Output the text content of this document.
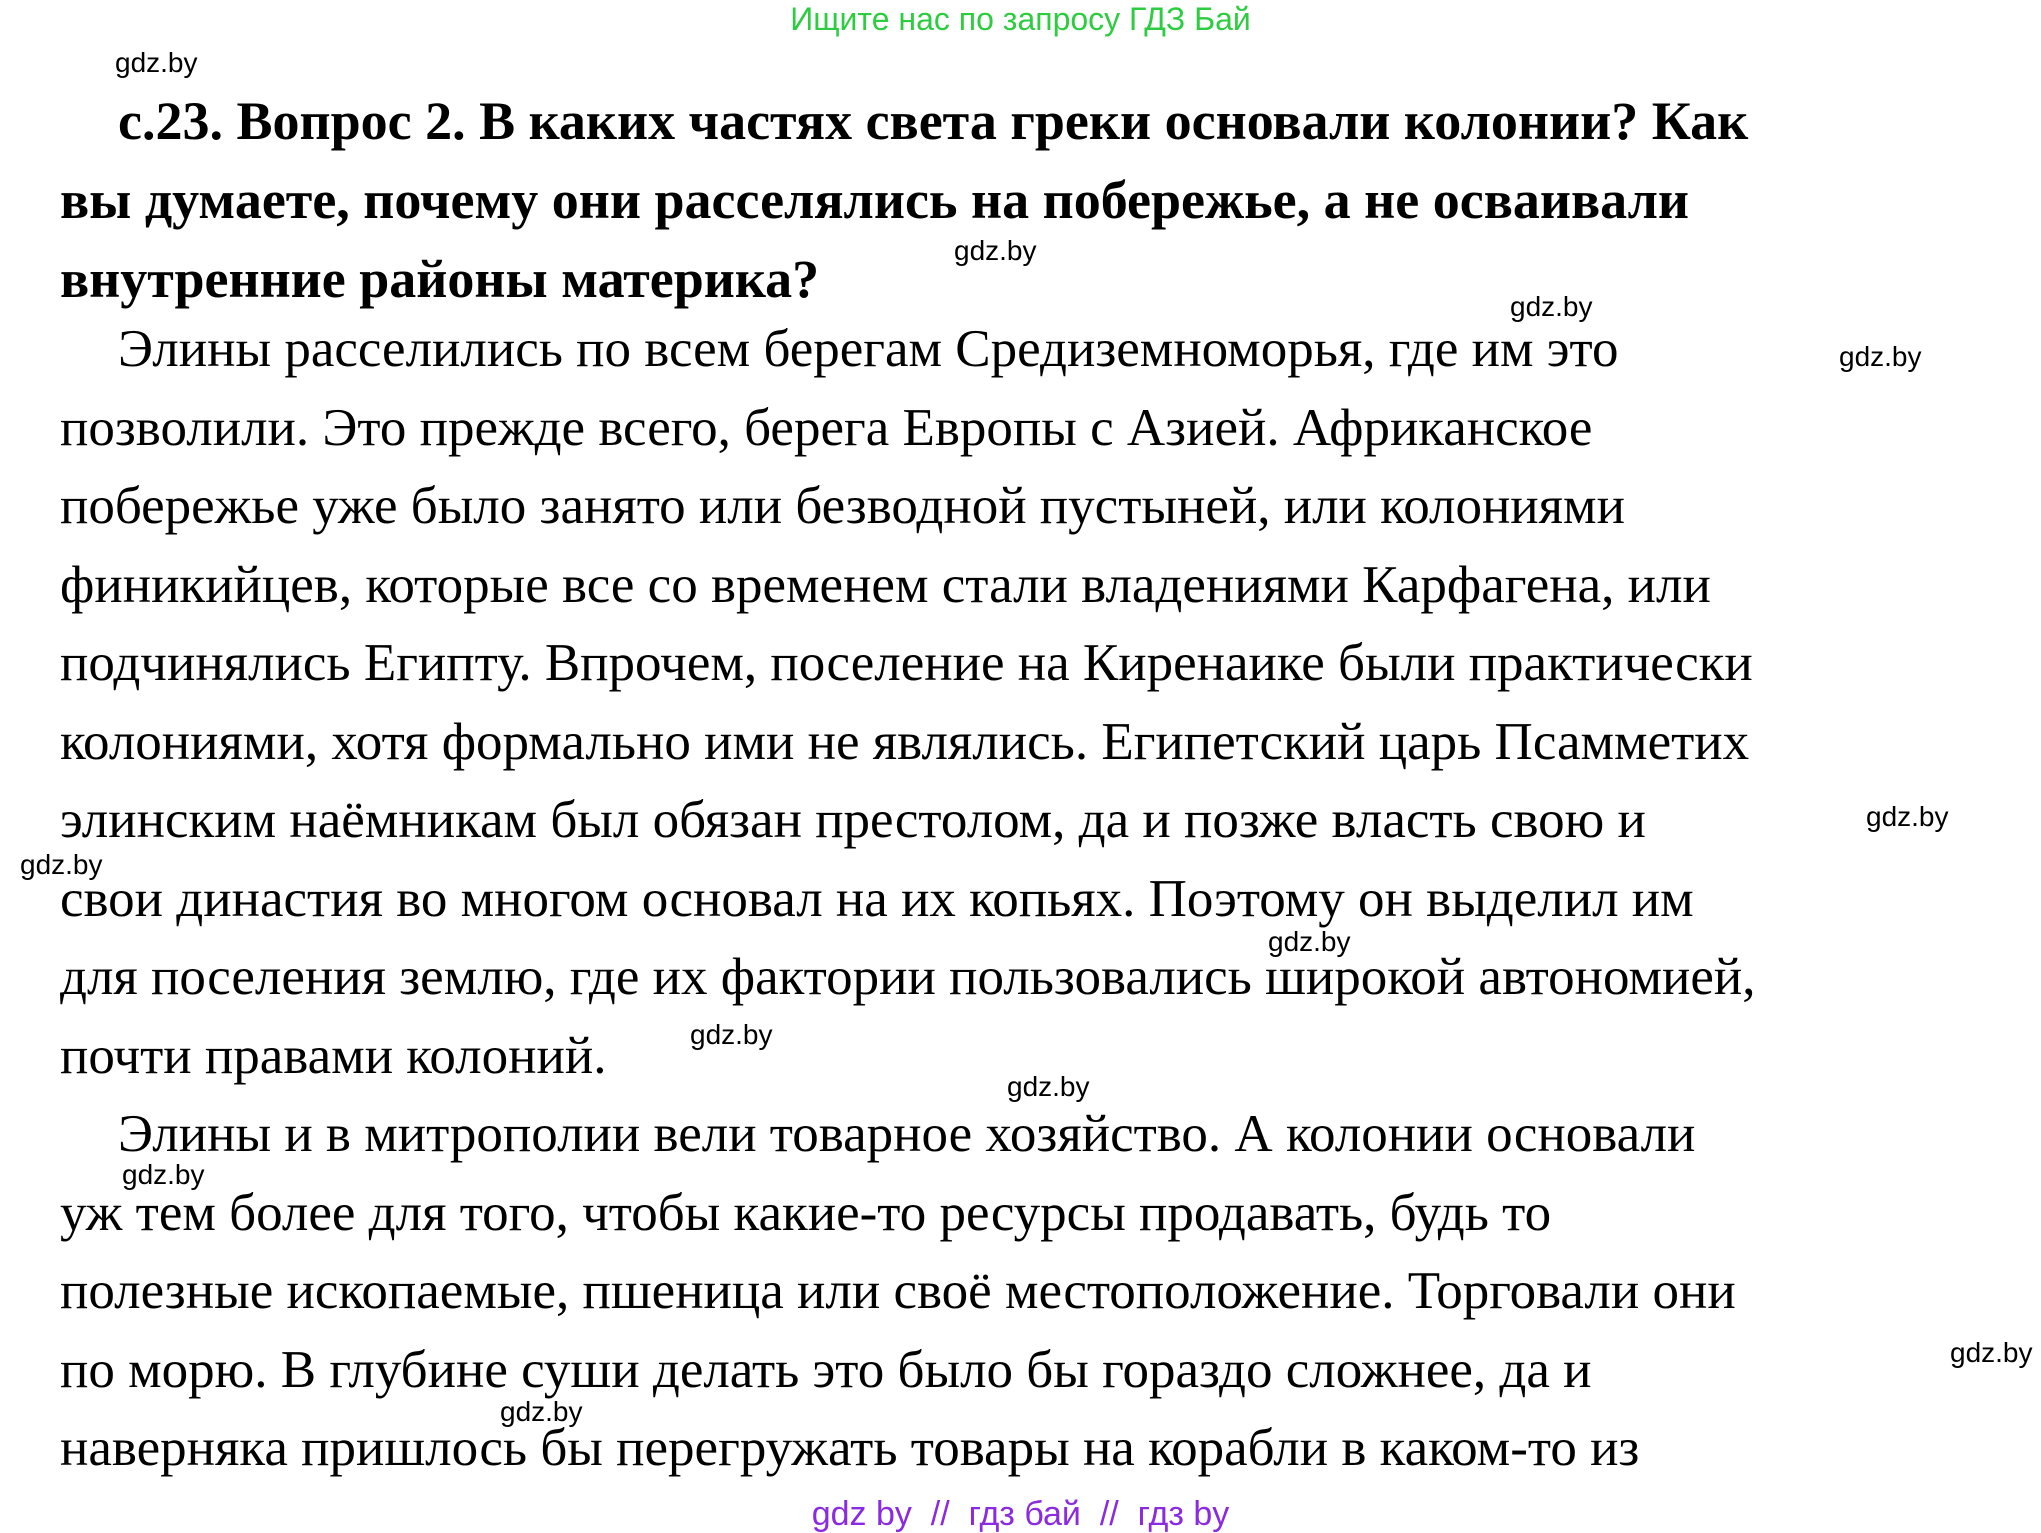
Ищите нас по запросу ГДЗ Бай
gdz.by
gdz.by
gdz.by
gdz.by
gdz.by
gdz.by
gdz.by
gdz.by
gdz.by
gdz.by
gdz.by
gdz.by
с.23. Вопрос 2. В каких частях света греки основали колонии? Как
вы думаете, почему они расселялись на побережье, а не осваивали
внутренние районы материка?
Элины расселились по всем берегам Средиземноморья, где им это
позволили. Это прежде всего, берега Европы с Азией. Африканское
побережье уже было занято или безводной пустыней, или колониями
финикийцев, которые все со временем стали владениями Карфагена, или
подчинялись Египту. Впрочем, поселение на Киренаике были практически
колониями, хотя формально ими не являлись. Египетский царь Псамметих
элинским наёмникам был обязан престолом, да и позже власть свою и
свои династия во многом основал на их копьях. Поэтому он выделил им
для поселения землю, где их фактории пользовались широкой автономией,
почти правами колоний.
Элины и в митрополии вели товарное хозяйство. А колонии основали
уж тем более для того, чтобы какие-то ресурсы продавать, будь то
полезные ископаемые, пшеница или своё местоположение. Торговали они
по морю. В глубине суши делать это было бы гораздо сложнее, да и
наверняка пришлось бы перегружать товары на корабли в каком-то из
gdz by  //  гдз бай  //  гдз by
